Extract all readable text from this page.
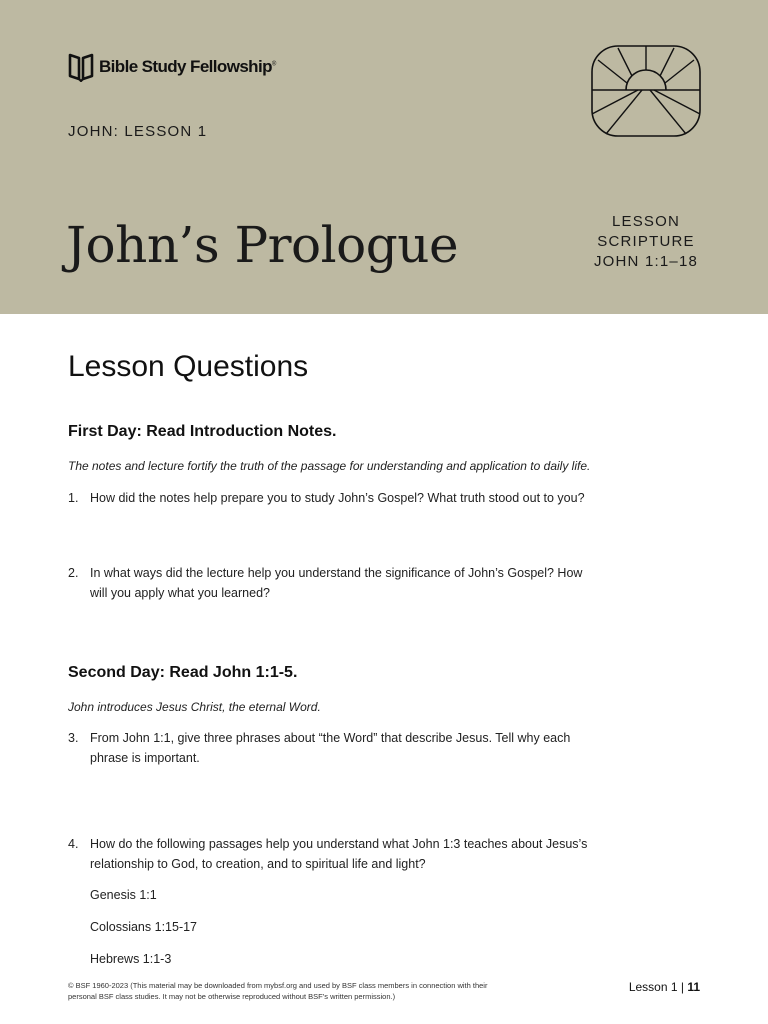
Bible Study Fellowship®
JOHN: LESSON 1
John’s Prologue	LESSON
SCRIPTURE
JOHN 1:1–18
Lesson Questions

First Day: Read Introduction Notes.

The notes and lecture fortify the truth of the passage for understanding and application to daily life.

1. How did the notes help prepare you to study John’s Gospel? What truth stood out to you?
2. In what ways did the lecture help you understand the significance of John’s Gospel? How will you apply what you learned?

Second Day: Read John 1:1-5.

John introduces Jesus Christ, the eternal Word.

3. From John 1:1, give three phrases about “the Word” that describe Jesus. Tell why each phrase is important.
4. How do the following passages help you understand what John 1:3 teaches about Jesus’s relationship to God, to creation, and to spiritual life and light?
Genesis 1:1
Colossians 1:15-17
Hebrews 1:1-3
© BSF 1960-2023 (This material may be downloaded from mybsf.org and used by BSF class members in connection with their personal BSF class studies. It may not be otherwise reproduced without BSF’s written permission.)
Lesson 1 | 11
